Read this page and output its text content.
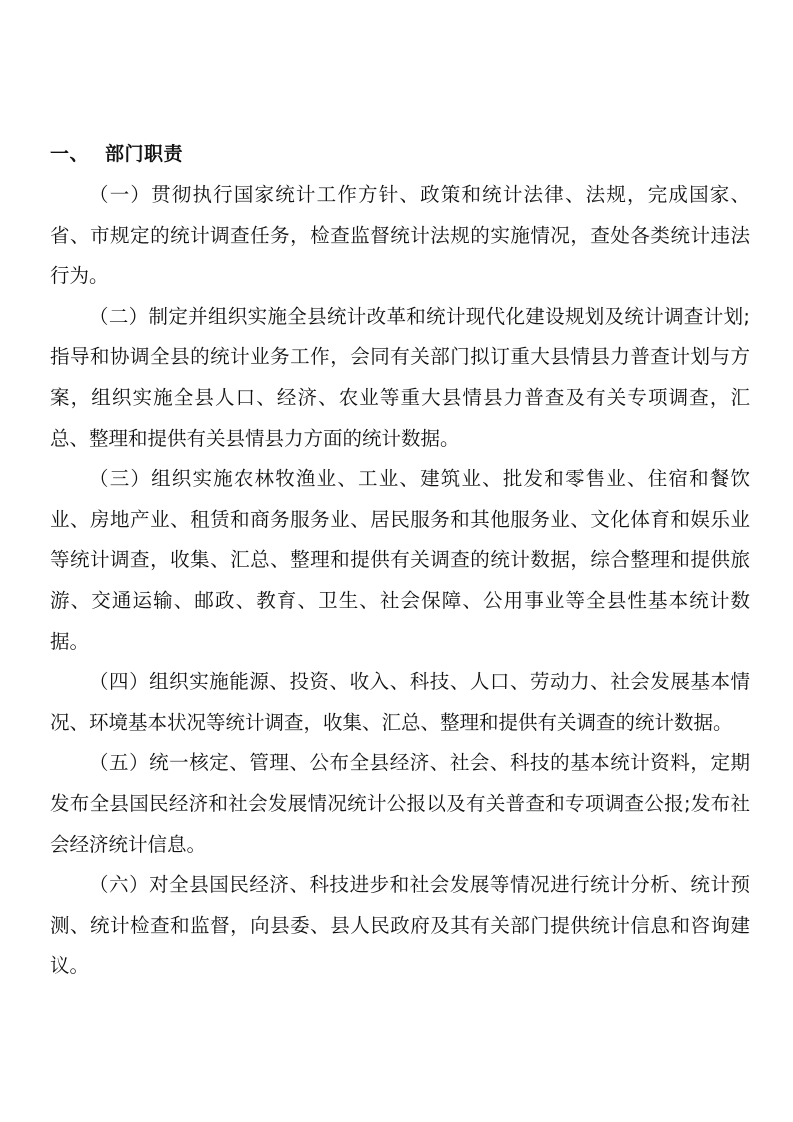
一、 部门职责

（一）贯彻执行国家统计工作方针、政策和统计法律、法规，完成国家、省、市规定的统计调查任务，检查监督统计法规的实施情况，查处各类统计违法行为。

（二）制定并组织实施全县统计改革和统计现代化建设规划及统计调查计划;指导和协调全县的统计业务工作，会同有关部门拟订重大县情县力普查计划与方案，组织实施全县人口、经济、农业等重大县情县力普查及有关专项调查，汇总、整理和提供有关县情县力方面的统计数据。

（三）组织实施农林牧渔业、工业、建筑业、批发和零售业、住宿和餐饮业、房地产业、租赁和商务服务业、居民服务和其他服务业、文化体育和娱乐业等统计调查，收集、汇总、整理和提供有关调查的统计数据，综合整理和提供旅游、交通运输、邮政、教育、卫生、社会保障、公用事业等全县性基本统计数据。

（四）组织实施能源、投资、收入、科技、人口、劳动力、社会发展基本情况、环境基本状况等统计调查，收集、汇总、整理和提供有关调查的统计数据。

（五）统一核定、管理、公布全县经济、社会、科技的基本统计资料，定期发布全县国民经济和社会发展情况统计公报以及有关普查和专项调查公报;发布社会经济统计信息。

（六）对全县国民经济、科技进步和社会发展等情况进行统计分析、统计预测、统计检查和监督，向县委、县人民政府及其有关部门提供统计信息和咨询建议。
